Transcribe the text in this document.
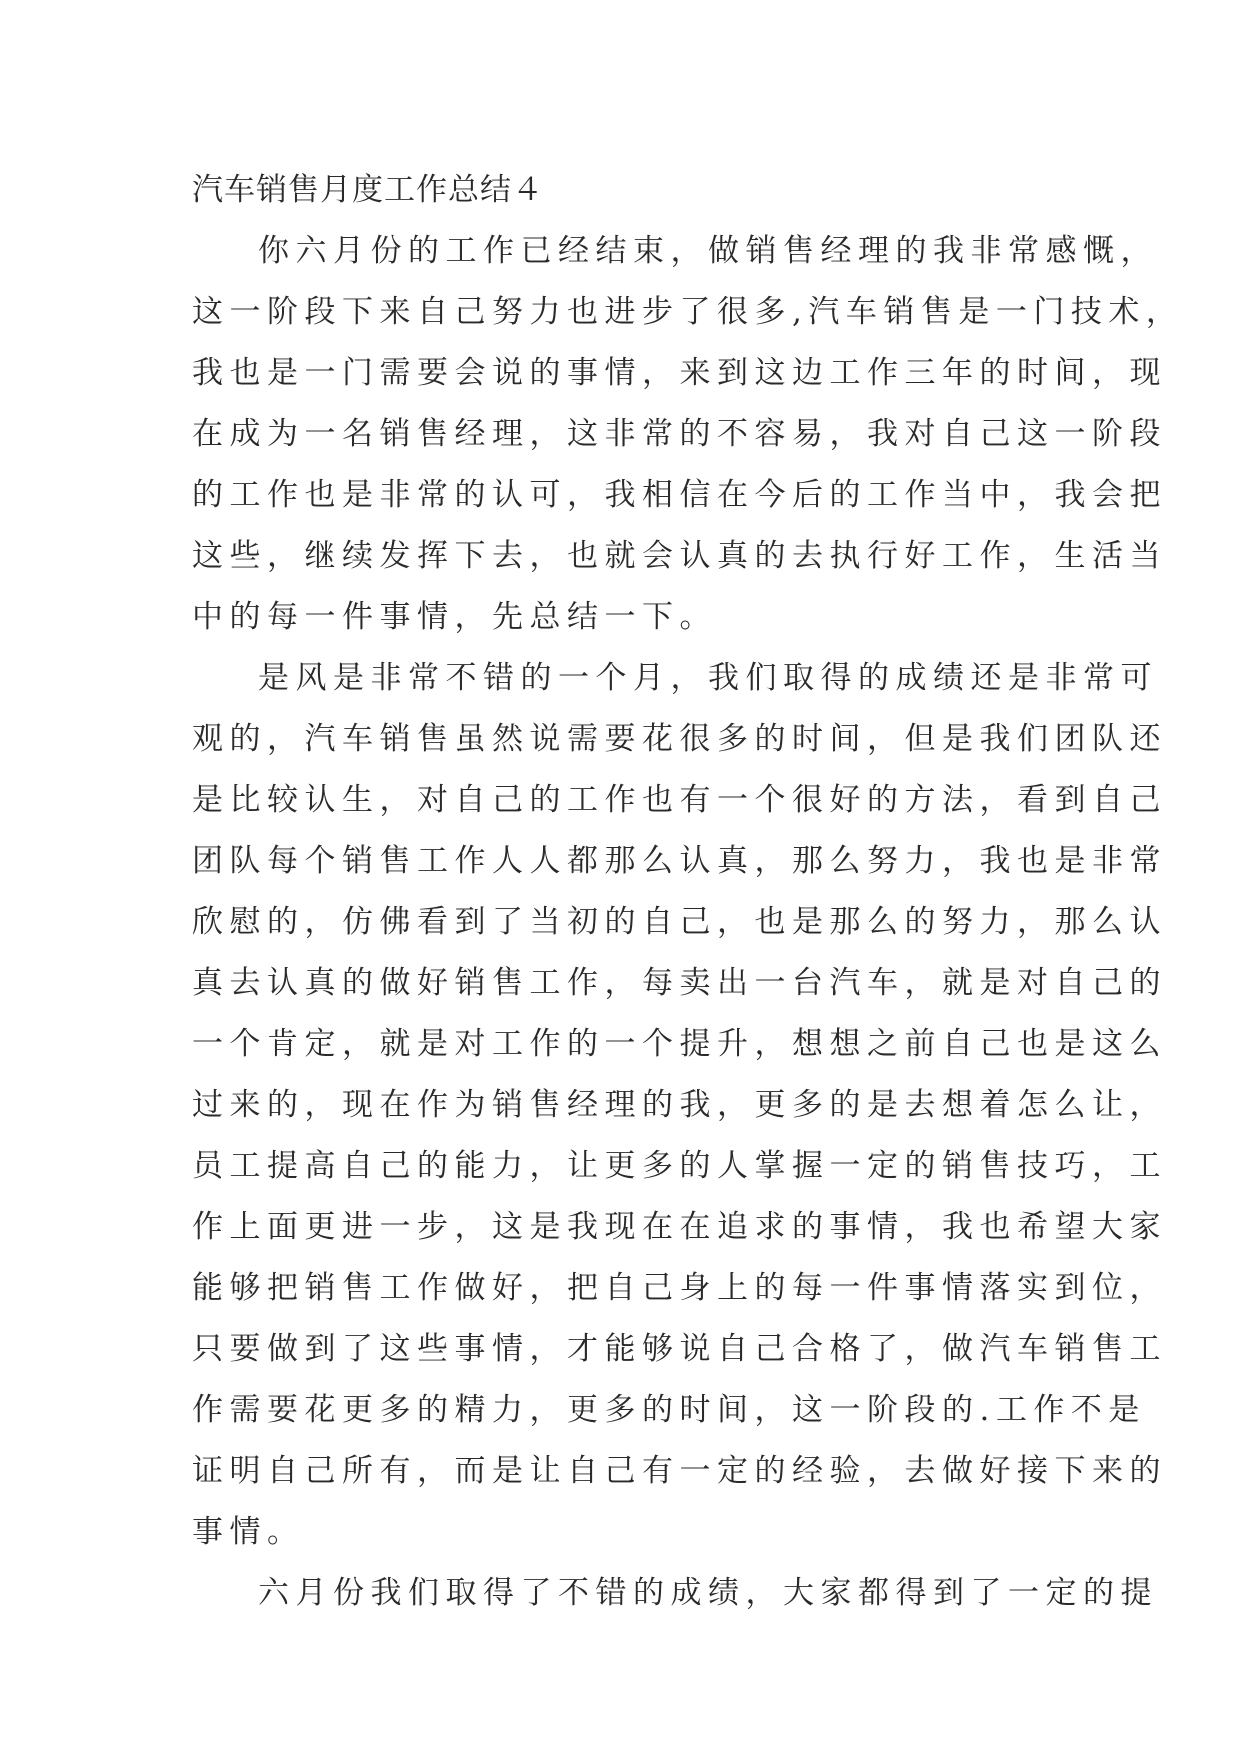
汽车销售月度工作总结４
你六月份的工作已经结束，做销售经理的我非常感慨，
这一阶段下来自己努力也进步了很多,汽车销售是一门技术，
我也是一门需要会说的事情，来到这边工作三年的时间，现
在成为一名销售经理，这非常的不容易，我对自己这一阶段
的工作也是非常的认可，我相信在今后的工作当中，我会把
这些，继续发挥下去，也就会认真的去执行好工作，生活当
中的每一件事情，先总结一下。
是风是非常不错的一个月，我们取得的成绩还是非常可
观的，汽车销售虽然说需要花很多的时间，但是我们团队还
是比较认生，对自己的工作也有一个很好的方法，看到自己
团队每个销售工作人人都那么认真，那么努力，我也是非常
欣慰的，仿佛看到了当初的自己，也是那么的努力，那么认
真去认真的做好销售工作，每卖出一台汽车，就是对自己的
一个肯定，就是对工作的一个提升，想想之前自己也是这么
过来的，现在作为销售经理的我，更多的是去想着怎么让，
员工提高自己的能力，让更多的人掌握一定的销售技巧，工
作上面更进一步，这是我现在在追求的事情，我也希望大家
能够把销售工作做好，把自己身上的每一件事情落实到位，
只要做到了这些事情，才能够说自己合格了，做汽车销售工
作需要花更多的精力，更多的时间，这一阶段的.工作不是
证明自己所有，而是让自己有一定的经验，去做好接下来的
事情。
六月份我们取得了不错的成绩，大家都得到了一定的提
